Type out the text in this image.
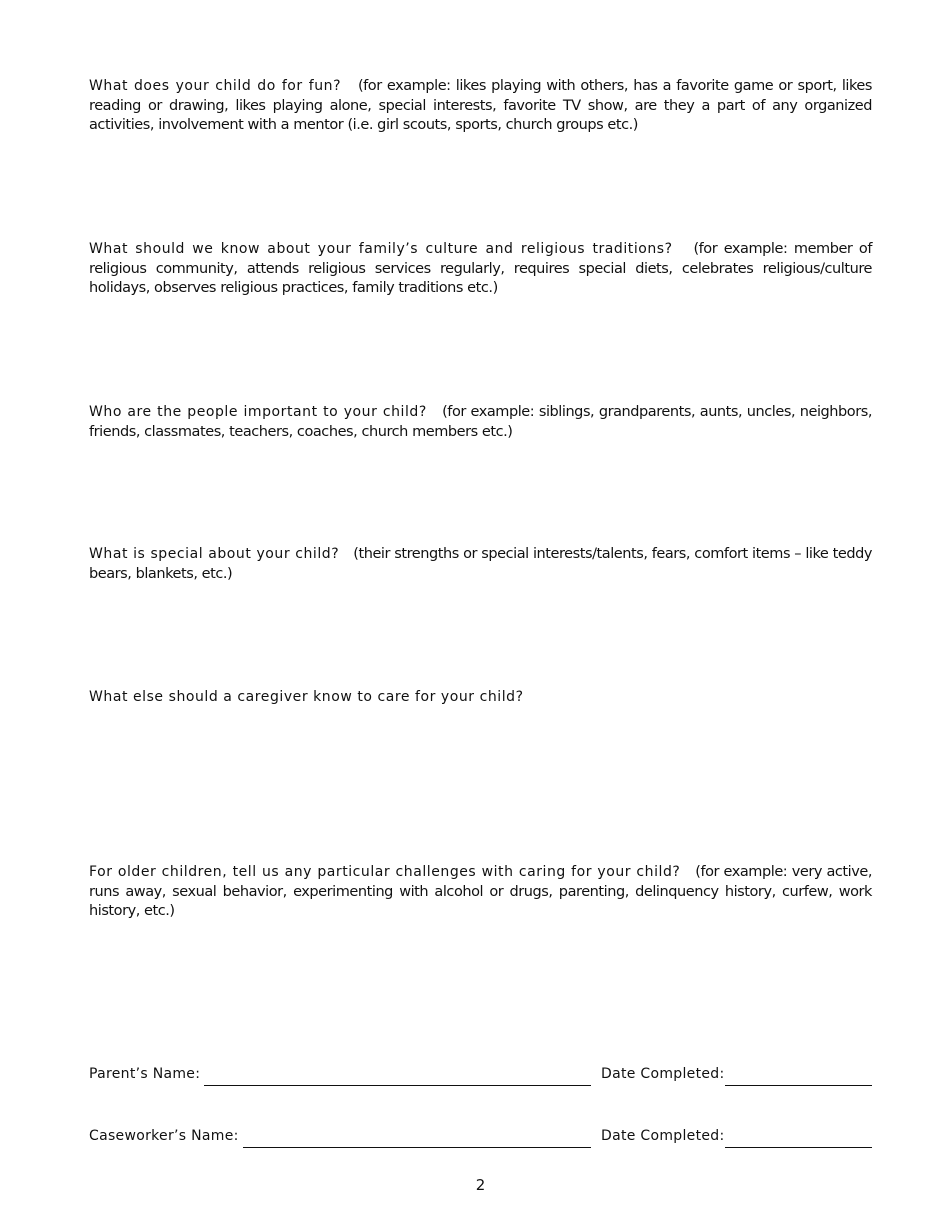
What does your child do for fun? (for example: likes playing with others, has a favorite game or sport, likes reading or drawing, likes playing alone, special interests, favorite TV show, are they a part of any organized activities, involvement with a mentor (i.e. girl scouts, sports, church groups etc.)
What should we know about your family’s culture and religious traditions? (for example: member of religious community, attends religious services regularly, requires special diets, celebrates religious/culture holidays, observes religious practices, family traditions etc.)
Who are the people important to your child? (for example: siblings, grandparents, aunts, uncles, neighbors, friends, classmates, teachers, coaches, church members etc.)
What is special about your child? (their strengths or special interests/talents, fears, comfort items – like teddy bears, blankets, etc.)
What else should a caregiver know to care for your child?
For older children, tell us any particular challenges with caring for your child? (for example: very active, runs away, sexual behavior, experimenting with alcohol or drugs, parenting, delinquency history, curfew, work history, etc.)
Parent’s Name:	Date Completed:
Caseworker’s Name:	Date Completed:
2
